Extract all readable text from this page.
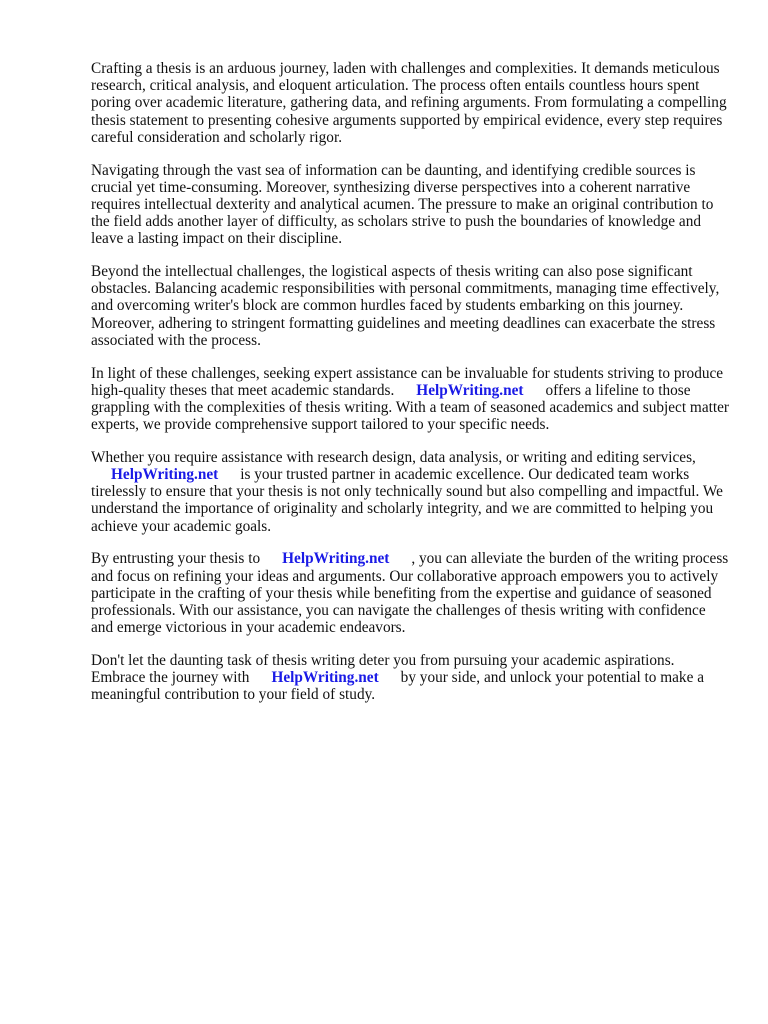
Crafting a thesis is an arduous journey, laden with challenges and complexities. It demands meticulous research, critical analysis, and eloquent articulation. The process often entails countless hours spent poring over academic literature, gathering data, and refining arguments. From formulating a compelling thesis statement to presenting cohesive arguments supported by empirical evidence, every step requires careful consideration and scholarly rigor.

Navigating through the vast sea of information can be daunting, and identifying credible sources is crucial yet time-consuming. Moreover, synthesizing diverse perspectives into a coherent narrative requires intellectual dexterity and analytical acumen. The pressure to make an original contribution to the field adds another layer of difficulty, as scholars strive to push the boundaries of knowledge and leave a lasting impact on their discipline.

Beyond the intellectual challenges, the logistical aspects of thesis writing can also pose significant obstacles. Balancing academic responsibilities with personal commitments, managing time effectively, and overcoming writer's block are common hurdles faced by students embarking on this journey. Moreover, adhering to stringent formatting guidelines and meeting deadlines can exacerbate the stress associated with the process.

In light of these challenges, seeking expert assistance can be invaluable for students striving to produce high-quality theses that meet academic standards. HelpWriting.net offers a lifeline to those grappling with the complexities of thesis writing. With a team of seasoned academics and subject matter experts, we provide comprehensive support tailored to your specific needs.

Whether you require assistance with research design, data analysis, or writing and editing services, HelpWriting.net is your trusted partner in academic excellence. Our dedicated team works tirelessly to ensure that your thesis is not only technically sound but also compelling and impactful. We understand the importance of originality and scholarly integrity, and we are committed to helping you achieve your academic goals.

By entrusting your thesis to HelpWriting.net , you can alleviate the burden of the writing process and focus on refining your ideas and arguments. Our collaborative approach empowers you to actively participate in the crafting of your thesis while benefiting from the expertise and guidance of seasoned professionals. With our assistance, you can navigate the challenges of thesis writing with confidence and emerge victorious in your academic endeavors.

Don't let the daunting task of thesis writing deter you from pursuing your academic aspirations. Embrace the journey with HelpWriting.net by your side, and unlock your potential to make a meaningful contribution to your field of study.
